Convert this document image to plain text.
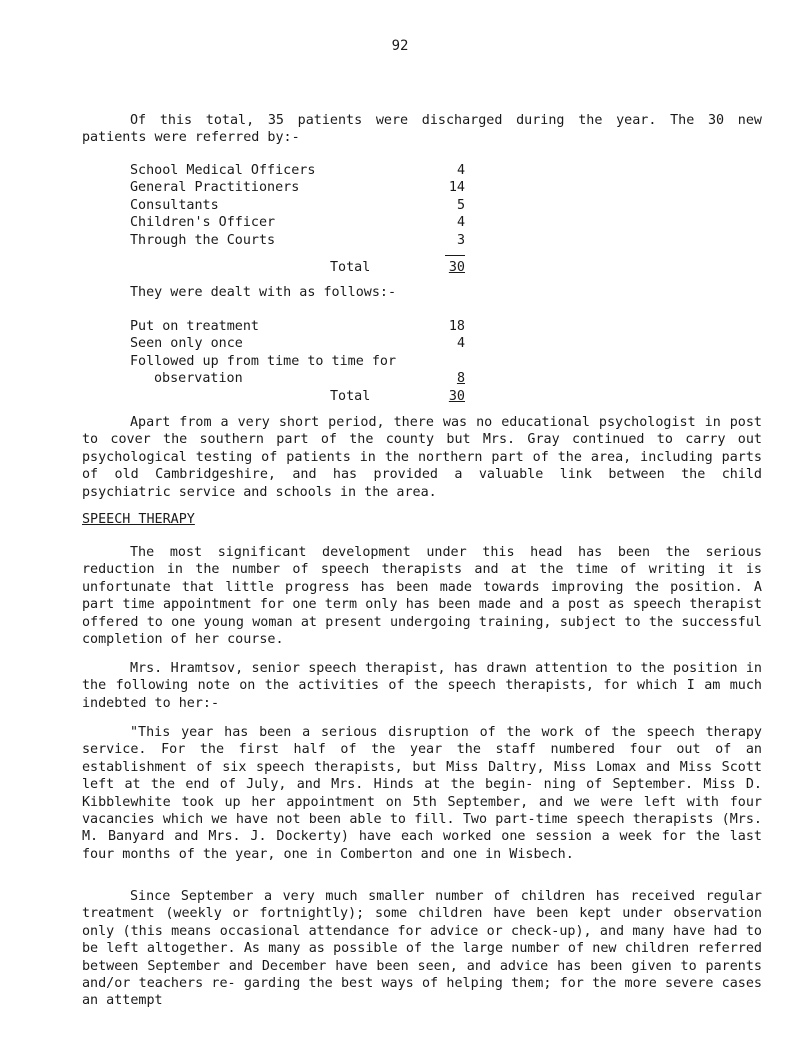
92

Of this total, 35 patients were discharged during the year. The 30 new patients were referred by:-

School Medical Officers	4
General Practitioners	14
Consultants	5
Children's Officer	4
Through the Courts	3
Total	30

They were dealt with as follows:-

Put on treatment	18
Seen only once	4
Followed up from time to time for
observation	8
Total	30

Apart from a very short period, there was no educational psychologist in post to cover the southern part of the county but Mrs. Gray continued to carry out psychological testing of patients in the northern part of the area, including parts of old Cambridgeshire, and has provided a valuable link between the child psychiatric service and schools in the area.

SPEECH THERAPY

The most significant development under this head has been the serious reduction in the number of speech therapists and at the time of writing it is unfortunate that little progress has been made towards improving the position. A part time appointment for one term only has been made and a post as speech therapist offered to one young woman at present undergoing training, subject to the successful completion of her course.

Mrs. Hramtsov, senior speech therapist, has drawn attention to the position in the following note on the activities of the speech therapists, for which I am much indebted to her:-

"This year has been a serious disruption of the work of the speech therapy service. For the first half of the year the staff numbered four out of an establishment of six speech therapists, but Miss Daltry, Miss Lomax and Miss Scott left at the end of July, and Mrs. Hinds at the begin- ning of September. Miss D. Kibblewhite took up her appointment on 5th September, and we were left with four vacancies which we have not been able to fill. Two part-time speech therapists (Mrs. M. Banyard and Mrs. J. Dockerty) have each worked one session a week for the last four months of the year, one in Comberton and one in Wisbech.

Since September a very much smaller number of children has received regular treatment (weekly or fortnightly); some children have been kept under observation only (this means occasional attendance for advice or check-up), and many have had to be left altogether. As many as possible of the large number of new children referred between September and December have been seen, and advice has been given to parents and/or teachers re- garding the best ways of helping them; for the more severe cases an attempt
